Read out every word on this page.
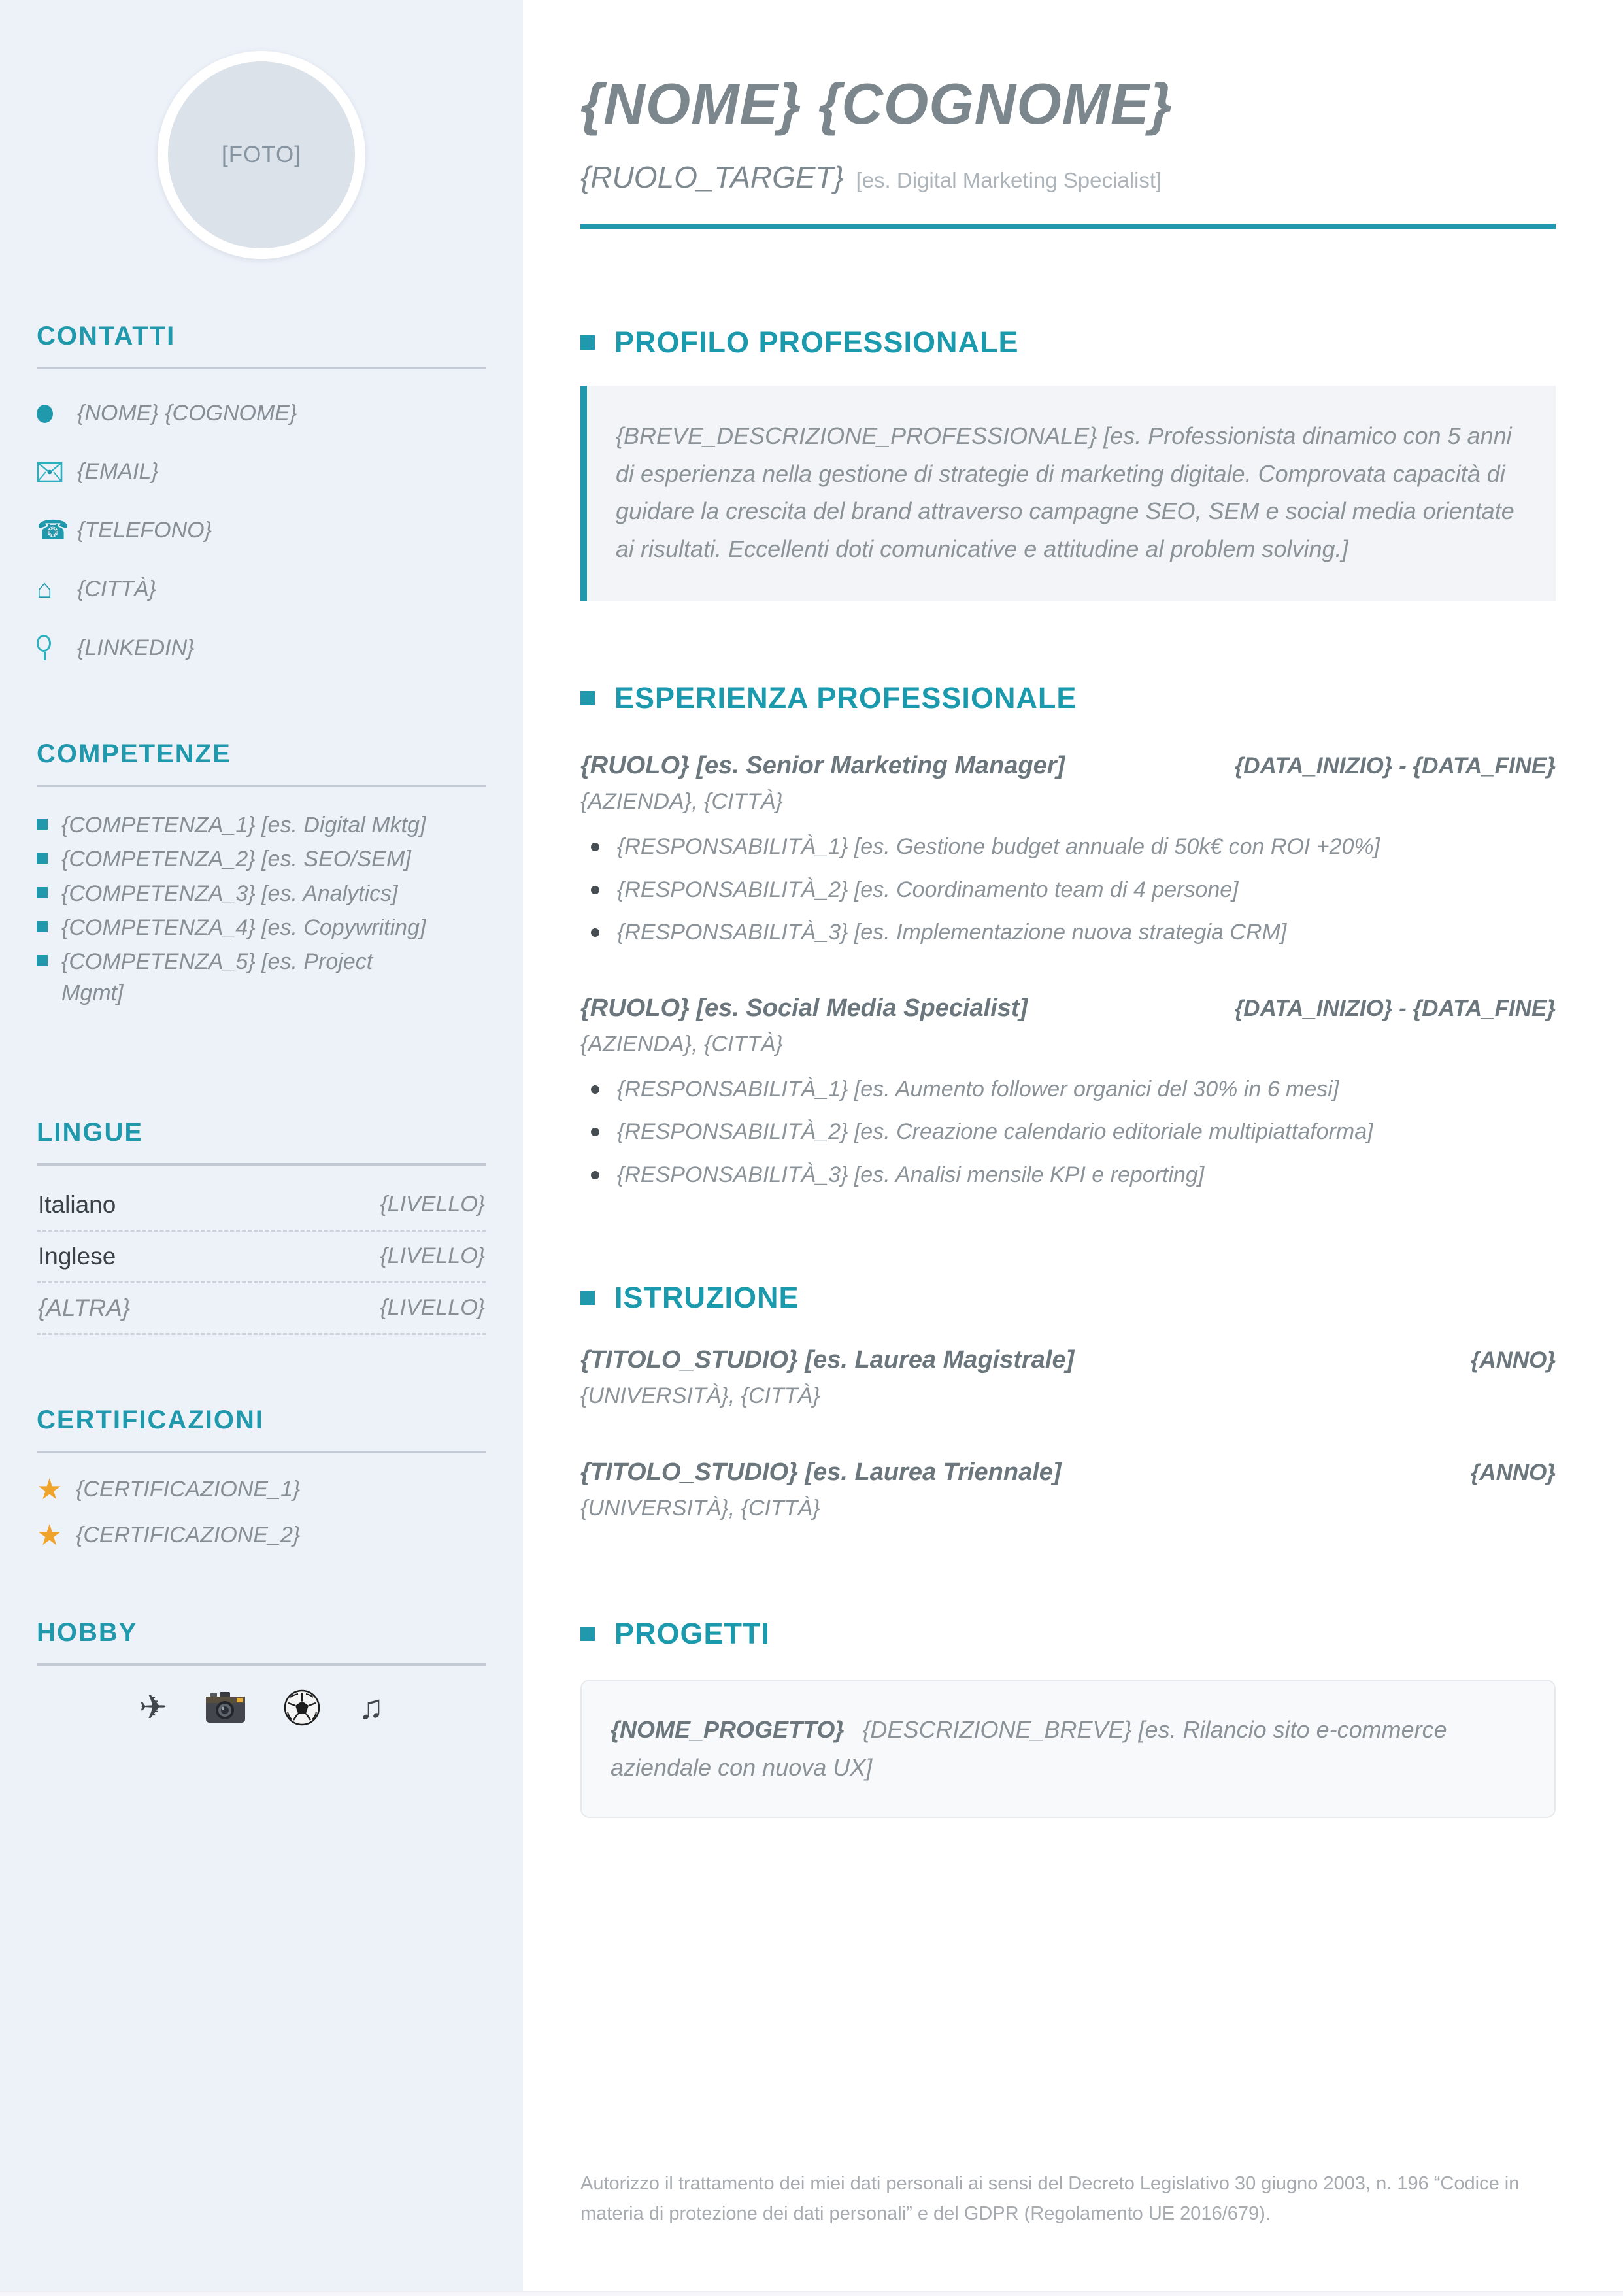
[FOTO]
CONTATTI
{NOME} {COGNOME}
{EMAIL}
☎ {TELEFONO}
⌂	{CITTÀ}
{LINKEDIN}
COMPETENZE
{COMPETENZA_1} [es. Digital Mktg]
{COMPETENZA_2} [es. SEO/SEM]
{COMPETENZA_3} [es. Analytics]
{COMPETENZA_4} [es. Copywriting]
{COMPETENZA_5} [es. Project Mgmt]
LINGUE
Italiano	{LIVELLO}
Inglese	{LIVELLO}
{ALTRA}	{LIVELLO}
CERTIFICAZIONI
★ {CERTIFICAZIONE_1}
★ {CERTIFICAZIONE_2}
HOBBY
✈	♫
{NOME} {COGNOME}
{RUOLO_TARGET} [es. Digital Marketing Specialist]
PROFILO PROFESSIONALE

{BREVE_DESCRIZIONE_PROFESSIONALE} [es. Professionista dinamico con 5 anni di esperienza nella gestione di strategie di marketing digitale. Comprovata capacità di guidare la crescita del brand attraverso campagne SEO, SEM e social media orientate ai risultati. Eccellenti doti comunicative e attitudine al problem solving.]

ESPERIENZA PROFESSIONALE
{RUOLO} [es. Senior Marketing Manager]	{DATA_INIZIO} - {DATA_FINE}
{AZIENDA}, {CITTÀ}
{RESPONSABILITÀ_1} [es. Gestione budget annuale di 50k€ con ROI +20%]
{RESPONSABILITÀ_2} [es. Coordinamento team di 4 persone]
{RESPONSABILITÀ_3} [es. Implementazione nuova strategia CRM]
{RUOLO} [es. Social Media Specialist]	{DATA_INIZIO} - {DATA_FINE}
{AZIENDA}, {CITTÀ}
{RESPONSABILITÀ_1} [es. Aumento follower organici del 30% in 6 mesi]
{RESPONSABILITÀ_2} [es. Creazione calendario editoriale multipiattaforma]
{RESPONSABILITÀ_3} [es. Analisi mensile KPI e reporting]
ISTRUZIONE
{TITOLO_STUDIO} [es. Laurea Magistrale]	{ANNO}
{UNIVERSITÀ}, {CITTÀ}
{TITOLO_STUDIO} [es. Laurea Triennale]	{ANNO}
{UNIVERSITÀ}, {CITTÀ}
PROGETTI
{NOME_PROGETTO} {DESCRIZIONE_BREVE} [es. Rilancio sito e-commerce aziendale con nuova UX]

Autorizzo il trattamento dei miei dati personali ai sensi del Decreto Legislativo 30 giugno 2003, n. 196 “Codice in materia di protezione dei dati personali” e del GDPR (Regolamento UE 2016/679).
